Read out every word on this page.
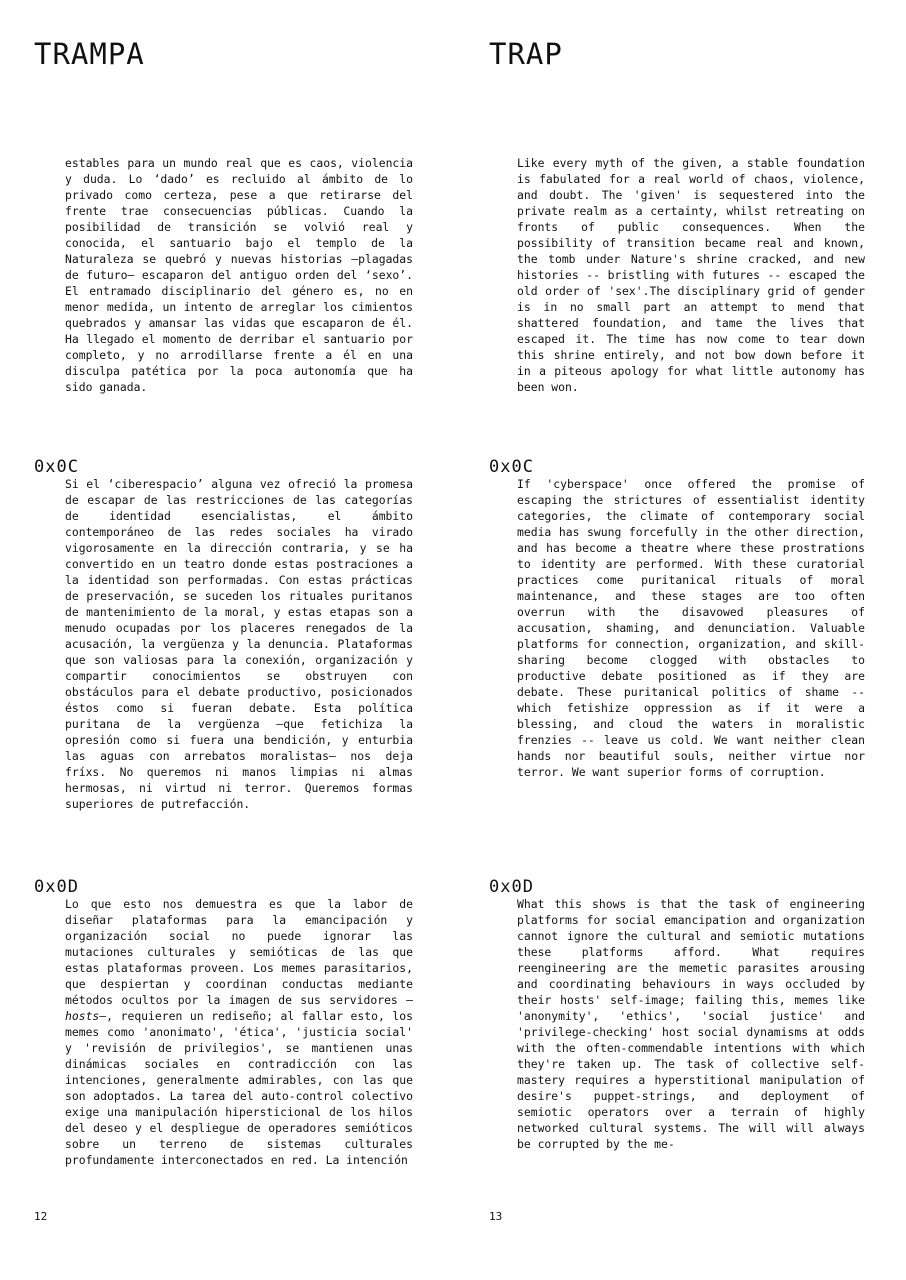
TRAMPA

estables para un mundo real que es caos, violencia y duda. Lo ‘dado’ es recluido al ámbito de lo privado como certeza, pese a que retirarse del frente trae consecuencias públicas. Cuando la posibilidad de transición se volvió real y conocida, el santuario bajo el templo de la Naturaleza se quebró y nuevas historias —plagadas de futuro— escaparon del antiguo orden del ‘sexo’. El entramado disciplinario del género es, no en menor medida, un intento de arreglar los cimientos quebrados y amansar las vidas que escaparon de él. Ha llegado el momento de derribar el santuario por completo, y no arrodillarse frente a él en una disculpa patética por la poca autonomía que ha sido ganada.

0x0C

Si el ‘ciberespacio’ alguna vez ofreció la promesa de escapar de las restricciones de las categorías de identidad esencialistas, el ámbito contemporáneo de las redes sociales ha virado vigorosamente en la dirección contraria, y se ha convertido en un teatro donde estas postraciones a la identidad son performadas. Con estas prácticas de preservación, se suceden los rituales puritanos de mantenimiento de la moral, y estas etapas son a menudo ocupadas por los placeres renegados de la acusación, la vergüenza y la denuncia. Plataformas que son valiosas para la conexión, organización y compartir conocimientos se obstruyen con obstáculos para el debate productivo, posicionados éstos como si fueran debate. Esta política puritana de la vergüenza —que fetichiza la opresión como si fuera una bendición, y enturbia las aguas con arrebatos moralistas— nos deja fríxs. No queremos ni manos limpias ni almas hermosas, ni virtud ni terror. Queremos formas superiores de putrefacción.

0x0D

Lo que esto nos demuestra es que la labor de diseñar plataformas para la emancipación y organización social no puede ignorar las mutaciones culturales y semióticas de las que estas plataformas proveen. Los memes parasitarios, que despiertan y coordinan conductas mediante métodos ocultos por la imagen de sus servidores —hosts—, requieren un rediseño; al fallar esto, los memes como 'anonimato', 'ética', 'justicia social' y 'revisión de privilegios', se mantienen unas dinámicas sociales en contradicción con las intenciones, generalmente admirables, con las que son adoptados. La tarea del auto-control colectivo exige una manipulación hipersticional de los hilos del deseo y el despliegue de operadores semióticos sobre un terreno de sistemas culturales profundamente interconectados en red. La intención

12
TRAP

Like every myth of the given, a stable foundation is fabulated for a real world of chaos, violence, and doubt. The 'given' is sequestered into the private realm as a certainty, whilst retreating on fronts of public consequences. When the possibility of transition became real and known, the tomb under Nature's shrine cracked, and new histories -- bristling with futures -- escaped the old order of 'sex'.The disciplinary grid of gender is in no small part an attempt to mend that shattered foundation, and tame the lives that escaped it. The time has now come to tear down this shrine entirely, and not bow down before it in a piteous apology for what little autonomy has been won.

0x0C

If 'cyberspace' once offered the promise of escaping the strictures of essentialist identity categories, the climate of contemporary social media has swung forcefully in the other direction, and has become a theatre where these prostrations to identity are performed. With these curatorial practices come puritanical rituals of moral maintenance, and these stages are too often overrun with the disavowed pleasures of accusation, shaming, and denunciation. Valuable platforms for connection, organization, and skill-sharing become clogged with obstacles to productive debate positioned as if they are debate. These puritanical politics of shame -- which fetishize oppression as if it were a blessing, and cloud the waters in moralistic frenzies -- leave us cold. We want neither clean hands nor beautiful souls, neither virtue nor terror. We want superior forms of corruption.

0x0D

What this shows is that the task of engineering platforms for social emancipation and organization cannot ignore the cultural and semiotic mutations these platforms afford. What requires reengineering are the memetic parasites arousing and coordinating behaviours in ways occluded by their hosts' self-image; failing this, memes like 'anonymity', 'ethics', 'social justice' and 'privilege-checking' host social dynamisms at odds with the often-commendable intentions with which they're taken up. The task of collective self-mastery requires a hyperstitional manipulation of desire's puppet-strings, and deployment of semiotic operators over a terrain of highly networked cultural systems. The will will always be corrupted by the me-

13
